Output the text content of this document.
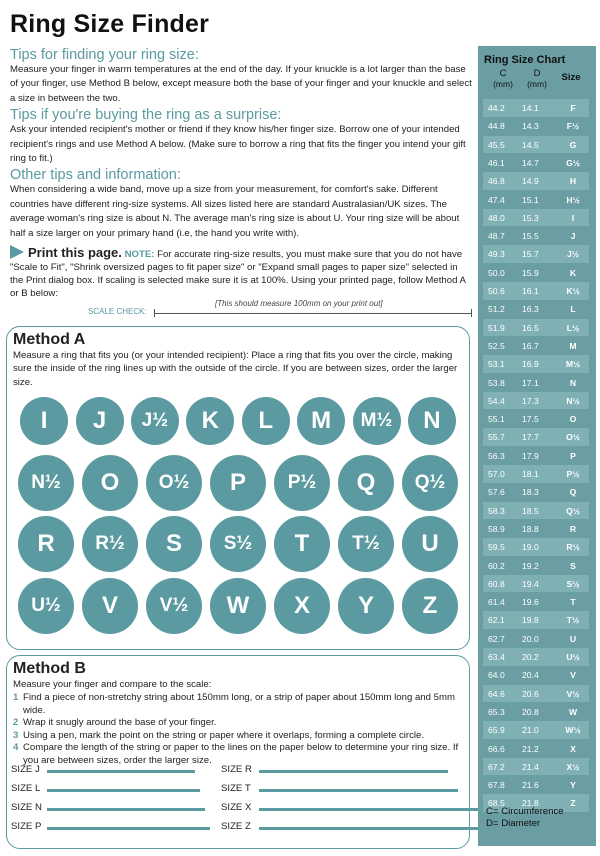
Ring Size Finder
Tips for finding your ring size:

Measure your finger in warm temperatures at the end of the day. If your knuckle is a lot larger than the base of your finger, use Method B below, except measure both the base of your finger and your knuckle and select a size in between the two.

Tips if you're buying the ring as a surprise:

Ask your intended recipient's mother or friend if they know his/her finger size. Borrow one of your intended recipient's rings and use Method A below. (Make sure to borrow a ring that fits the finger you intend your gift ring to fit.)

Other tips and information:

When considering a wide band, move up a size from your measurement, for comfort's sake. Different countries have different ring-size systems. All sizes listed here are standard Australasian/UK sizes. The average woman's ring size is about N. The average man's ring size is about U. Your ring size will be about half a size larger on your primary hand (i.e, the hand you write with).

Print this page. NOTE: For accurate ring-size results, you must make sure that you do not have "Scale to Fit", "Shrink oversized pages to fit paper size" or "Expand small pages to paper size" selected in the Print dialog box. If scaling is selected make sure it is at 100%. Using your printed page, follow Method A or B below:
SCALE CHECK:
[This should measure 100mm on your print out]
Method A
Measure a ring that fits you (or your intended recipient): Place a ring that fits you over the circle, making sure the inside of the ring lines up with the outside of the circle. If you are between sizes, order the larger size.
I	J	J½	K	L	M	M½	N
N½	O	O½	P	P½	Q	Q½
R	R½	S	S½	T	T½	U
U½	V	V½	W	X	Y	Z
Method B
Measure your finger and compare to the scale:
1 Find a piece of non-stretchy string about 150mm long, or a strip of paper about 150mm long and 5mm wide.
2 Wrap it snugly around the base of your finger.
3 Using a pen, mark the point on the string or paper where it overlaps, forming a complete circle.
4 Compare the length of the string or paper to the lines on the paper below to determine your ring size. If you are between sizes, order the larger size.
SIZE J	SIZE R
SIZE L	SIZE T
SIZE N	SIZE X
SIZE P	SIZE Z
Ring Size Chart
C	D
(mm)	(mm)
Size
44.2 14.1	F
44.8 14.3	F½
45.5 14.5	G
46.1 14.7	G½
46.8 14.9	H
47.4 15.1	H½
48.0 15.3	I
48.7 15.5	J
49.3 15.7	J½
50.0 15.9	K
50.6 16.1	K½
51.2 16.3	L
51.9 16.5	L½
52.5 16.7	M
53.1 16.9	M½
53.8 17.1	N
54.4 17.3	N½
55.1 17.5	O
55.7 17.7	O½
56.3 17.9	P
57.0 18.1	P½
57.6 18.3	Q
58.3 18.5	Q½
58.9 18.8	R
59.5 19.0	R½
60.2 19.2	S
60.8 19.4	S½
61.4 19.6	T
62.1 19.8	T½
62.7 20.0	U
63.4 20.2	U½
64.0 20.4	V
64.6 20.6	V½
65.3 20.8	W
65.9 21.0	W½
66.6 21.2	X
67.2 21.4	X½
67.8 21.6	Y
68.5 21.8	Z
C= Circumference
D= Diameter
